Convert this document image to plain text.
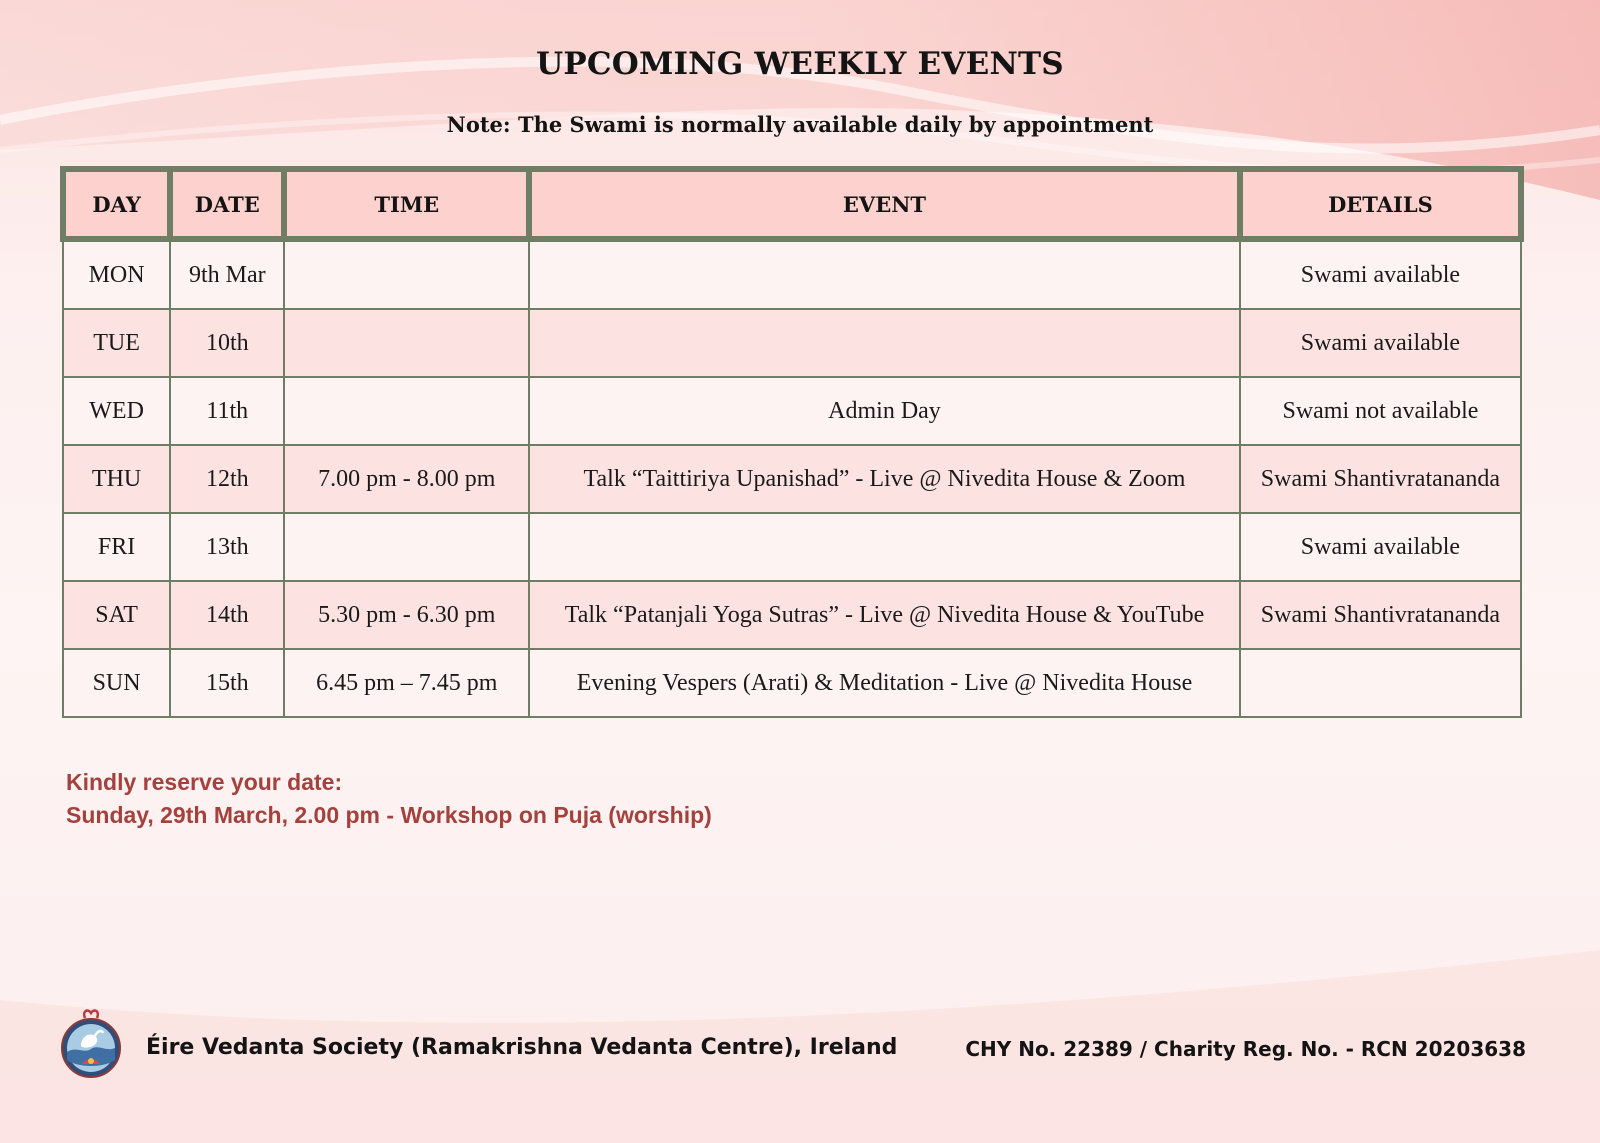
UPCOMING WEEKLY EVENTS
Note: The Swami is normally available daily by appointment
DAY	DATE	TIME	EVENT	DETAILS
MON	9th Mar			Swami available
TUE	10th			Swami available
WED	11th		Admin Day	Swami not available
THU	12th	7.00 pm - 8.00 pm	Talk “Taittiriya Upanishad” - Live @ Nivedita House & Zoom	Swami Shantivratananda
FRI	13th			Swami available
SAT	14th	5.30 pm - 6.30 pm	Talk “Patanjali Yoga Sutras” - Live @ Nivedita House & YouTube	Swami Shantivratananda
SUN	15th	6.45 pm – 7.45 pm	Evening Vespers (Arati) & Meditation - Live @ Nivedita House	
Kindly reserve your date:
Sunday, 29th March, 2.00 pm - Workshop on Puja (worship)
Éire Vedanta Society (Ramakrishna Vedanta Centre), Ireland	CHY No. 22389 / Charity Reg. No. - RCN 20203638
